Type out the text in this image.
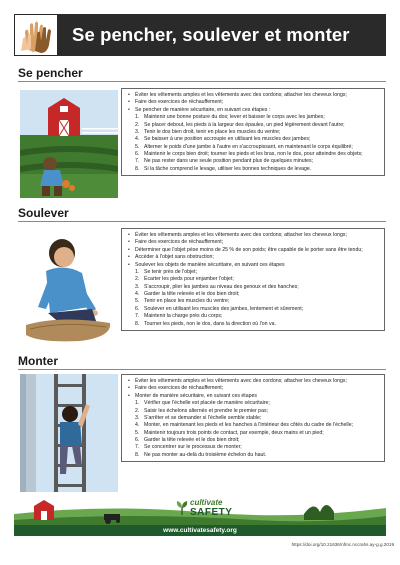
Se pencher, soulever et monter
Se pencher
• Éviter les vêtements amples et les vêtements avec des cordons; attacher les cheveux longs;
• Faire des exercices de réchauffement;
• Se pencher de manière sécuritaire, en suivant ces étapes :
1. Maintenir une bonne posture du dos; lever et baisser le corps avec les jambes;
2. Se placer debout, les pieds à la largeur des épaules, un pied légèrement devant l'autre;
3. Tenir le dos bien droit, tenir en place les muscles du ventre;
4. Se baisser à une position accroupie en utilisant les muscles des jambes;
5. Alterner le poids d'une jambe à l'autre en s'accroupissant, en maintenant le corps équilibré;
6. Maintenir le corps bien droit; tourner les pieds et les bras, non le dos, pour atteindre des objets;
7. Ne pas rester dans une seule position pendant plus de quelques minutes;
8. Si la tâche comprend le levage, utiliser les bonnes techniques de levage.
Soulever
• Éviter les vêtements amples et les vêtements avec des cordons; attacher les cheveux longs;
• Faire des exercices de réchauffement;
• Déterminer que l'objet pèse moins de 25 % de son poids; être capable de le porter sans être tendu;
• Accéder à l'objet sans obstruction;
• Soulever les objets de manière sécuritaire, en suivant ces étapes
1. Se tenir près de l'objet;
2. Écarter les pieds pour enjamber l'objet;
3. S'accroupir, plier les jambes au niveau des genoux et des hanches;
4. Garder la tête relevée et le dos bien droit;
5. Tenir en place les muscles du ventre;
6. Soulever en utilisant les muscles des jambes, lentement et sûrement;
7. Maintenir la charge près du corps;
8. Tourner les pieds, non le dos, dans la direction où l'on va.
Monter
• Éviter les vêtements amples et les vêtements avec des cordons; attacher les cheveux longs;
• Faire des exercices de réchauffement;
• Monter de manière sécuritaire, en suivant ces étapes
1. Vérifier que l'échelle est placée de manière sécuritaire;
2. Saisir les échelons alternés et prendre le premier pas;
3. S'arrêter et se demander si l'échelle semble stable;
4. Monter, en maintenant les pieds et les hanches à l'intérieur des côtés du cadre de l'échelle;
5. Maintenir toujours trois points de contact, par exemple, deux mains et un pied;
6. Garder la tête relevée et le dos bien droit;
7. Se concentrer sur le processus de monter;
8. Ne pas monter au-delà du troisième échelon du haut.
cultivate
SAFETY
www.cultivatesafety.org
https://doi.org/10.21636/nfmc.nccrahs.ay-g.g.2019
